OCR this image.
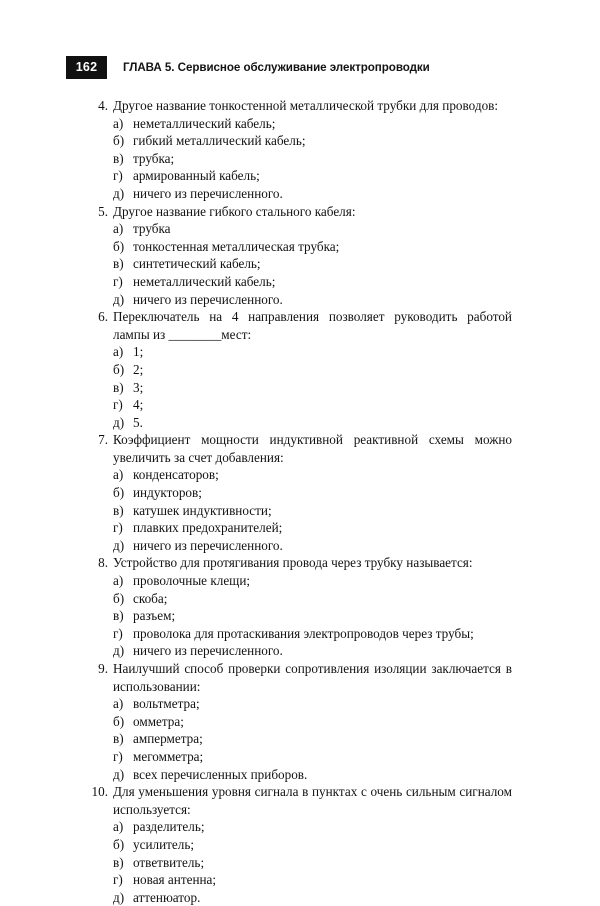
162	ГЛАВА 5. Сервисное обслуживание электропроводки
4. Другое название тонкостенной металлической трубки для проводов:

а) неметаллический кабель;
б) гибкий металлический кабель;
в) трубка;
г) армированный кабель;
д) ничего из перечисленного.
5. Другое название гибкого стального кабеля:

а) трубка
б) тонкостенная металлическая трубка;
в) синтетический кабель;
г) неметаллический кабель;
д) ничего из перечисленного.
6. Переключатель на 4 направления позволяет руководить работой лампы из ________мест:

а) 1;
б) 2;
в) 3;
г) 4;
д) 5.
7. Коэффициент мощности индуктивной реактивной схемы можно увеличить за счет добавления:

а) конденсаторов;
б) индукторов;
в) катушек индуктивности;
г) плавких предохранителей;
д) ничего из перечисленного.
8. Устройство для протягивания провода через трубку называется:

а) проволочные клещи;
б) скоба;
в) разъем;
г) проволока для протаскивания электропроводов через трубы;
д) ничего из перечисленного.
9. Наилучший способ проверки сопротивления изоляции заключается в использовании:

а) вольтметра;
б) омметра;
в) амперметра;
г) мегомметра;
д) всех перечисленных приборов.
10. Для уменьшения уровня сигнала в пунктах с очень сильным сигналом используется:

а) разделитель;
б) усилитель;
в) ответвитель;
г) новая антенна;
д) аттенюатор.
